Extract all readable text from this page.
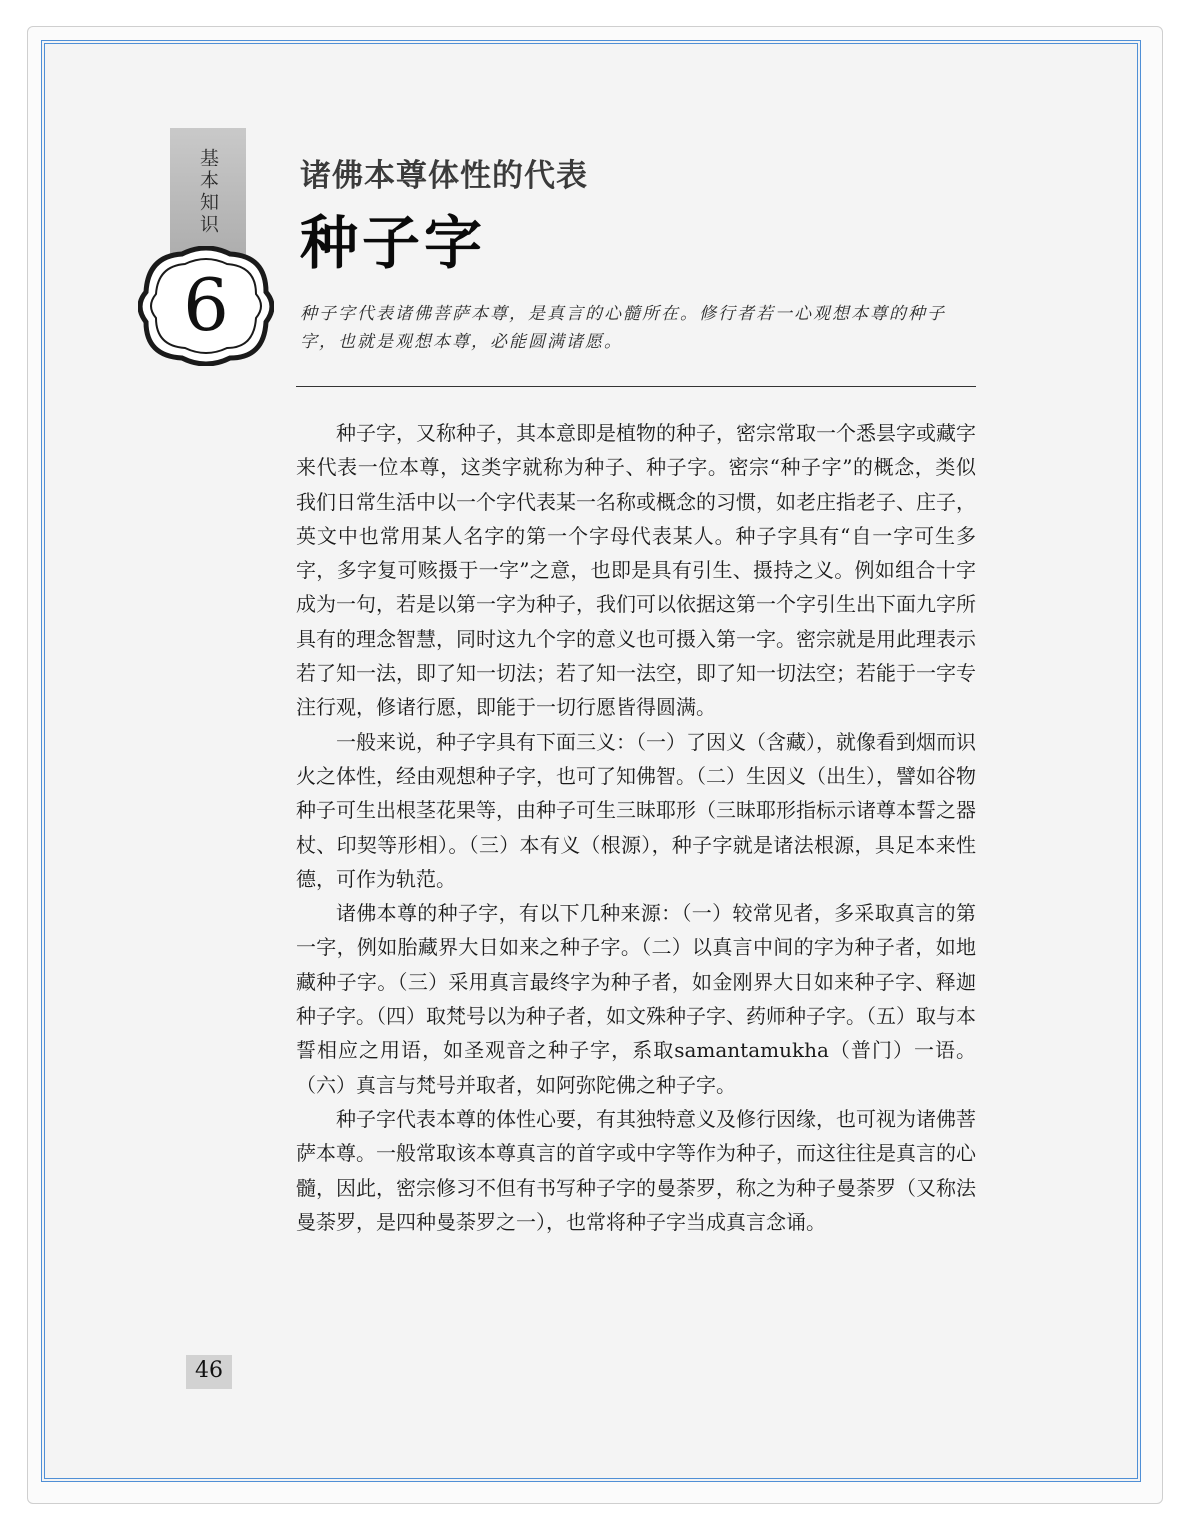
基本知识
6
诸佛本尊体性的代表
种子字
种子字代表诸佛菩萨本尊，是真言的心髓所在。修行者若一心观想本尊的种子字，也就是观想本尊，必能圆满诸愿。

种子字，又称种子，其本意即是植物的种子，密宗常取一个悉昙字或藏字来代表一位本尊，这类字就称为种子、种子字。密宗“种子字”的概念，类似我们日常生活中以一个字代表某一名称或概念的习惯，如老庄指老子、庄子，英文中也常用某人名字的第一个字母代表某人。种子字具有“自一字可生多字，多字复可赅摄于一字”之意，也即是具有引生、摄持之义。例如组合十字成为一句，若是以第一字为种子，我们可以依据这第一个字引生出下面九字所具有的理念智慧，同时这九个字的意义也可摄入第一字。密宗就是用此理表示若了知一法，即了知一切法；若了知一法空，即了知一切法空；若能于一字专注行观，修诸行愿，即能于一切行愿皆得圆满。

一般来说，种子字具有下面三义：（一）了因义（含藏），就像看到烟而识火之体性，经由观想种子字，也可了知佛智。（二）生因义（出生），譬如谷物种子可生出根茎花果等，由种子可生三昧耶形（三昧耶形指标示诸尊本誓之器杖、印契等形相）。（三）本有义（根源），种子字就是诸法根源，具足本来性德，可作为轨范。

诸佛本尊的种子字，有以下几种来源：（一）较常见者，多采取真言的第一字，例如胎藏界大日如来之种子字。（二）以真言中间的字为种子者，如地藏种子字。（三）采用真言最终字为种子者，如金刚界大日如来种子字、释迦种子字。（四）取梵号以为种子者，如文殊种子字、药师种子字。（五）取与本誓相应之用语，如圣观音之种子字，系取samantamukha（普门）一语。（六）真言与梵号并取者，如阿弥陀佛之种子字。

种子字代表本尊的体性心要，有其独特意义及修行因缘，也可视为诸佛菩萨本尊。一般常取该本尊真言的首字或中字等作为种子，而这往往是真言的心髓，因此，密宗修习不但有书写种子字的曼荼罗，称之为种子曼荼罗（又称法曼荼罗，是四种曼荼罗之一），也常将种子字当成真言念诵。

46
